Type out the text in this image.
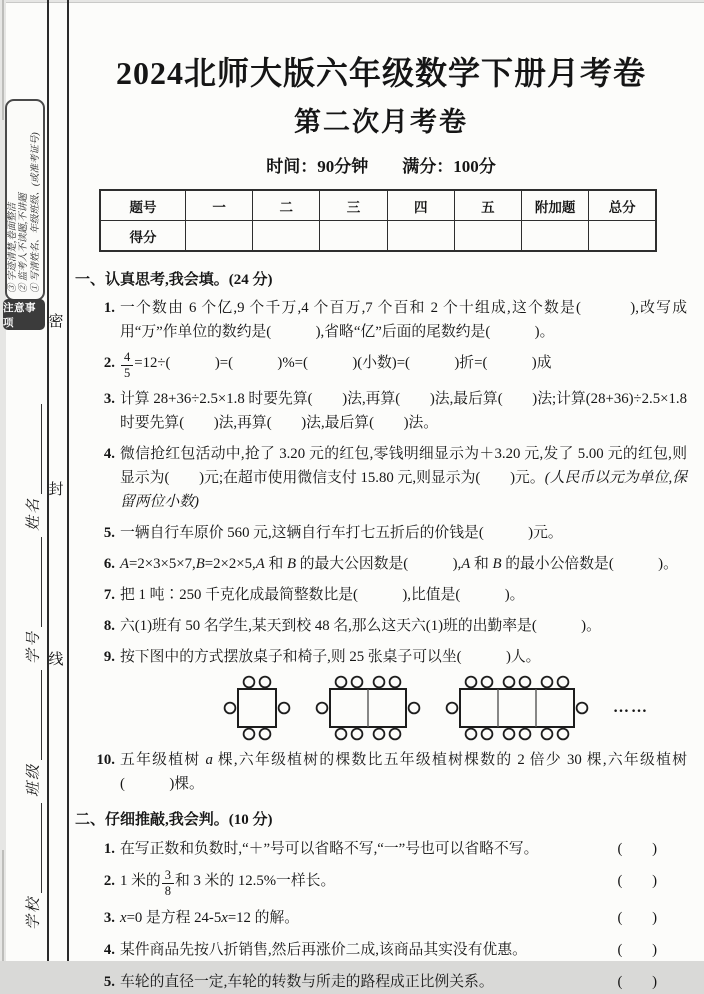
③ 字迹清楚,卷面整洁 ② 监考人不读题,不讲题 ① 写清姓名、年级班级、(或准考证号)
注意事项	密
封
线
学校
班级
学号
姓名
2024北师大版六年级数学下册月考卷
第二次月考卷
时间：90分钟　　满分：100分
题号	一	二	三	四	五	附加题	总分
得分							
一、认真思考,我会填。(24 分)
1. 一个数由 6 个亿,9 个千万,4 个百万,7 个百和 2 个十组成,这个数是(　　　),改写成用“万”作单位的数约是(　　　),省略“亿”后面的尾数约是(　　　)。
2. $\frac{4}{5} =12\div$(　　　)=(　　　)%=(　　　)(小数)=(　　　)折=(　　　)成
3. 计算 28+36÷2.5×1.8 时要先算(　　)法,再算(　　)法,最后算(　　)法;计算(28+36)÷2.5×1.8 时要先算(　　)法,再算(　　)法,最后算(　　)法。
4. 微信抢红包活动中,抢了 3.20 元的红包,零钱明细显示为＋3.20 元,发了 5.00 元的红包,则显示为(　　)元;在超市使用微信支付 15.80 元,则显示为(　　)元。(人民币以元为单位,保留两位小数)
5. 一辆自行车原价 560 元,这辆自行车打七五折后的价钱是(　　　)元。
6. A=2×3×5×7,B=2×2×5,A 和 B 的最大公因数是(　　　),A 和 B 的最小公倍数是(　　　)。
7. 把 1 吨∶250 千克化成最简整数比是(　　　),比值是(　　　)。
8. 六(1)班有 50 名学生,某天到校 48 名,那么这天六(1)班的出勤率是(　　　)。
9. 按下图中的方式摆放桌子和椅子,则 25 张桌子可以坐(　　　)人。
……
10. 五年级植树 a 棵,六年级植树的棵数比五年级植树棵数的 2 倍少 30 棵,六年级植树(　　　)棵。
二、仔细推敲,我会判。(10 分)
1. 在写正数和负数时,“＋”号可以省略不写,“一”号也可以省略不写。	(　　)
2. 1 米的 $\frac{3}{8}$ 和 3 米的 12.5%一样长。	(　　)
3. x=0 是方程 24-5x=12 的解。	(　　)
4. 某件商品先按八折销售,然后再涨价二成,该商品其实没有优惠。	(　　)
5. 车轮的直径一定,车轮的转数与所走的路程成正比例关系。	(　　)
